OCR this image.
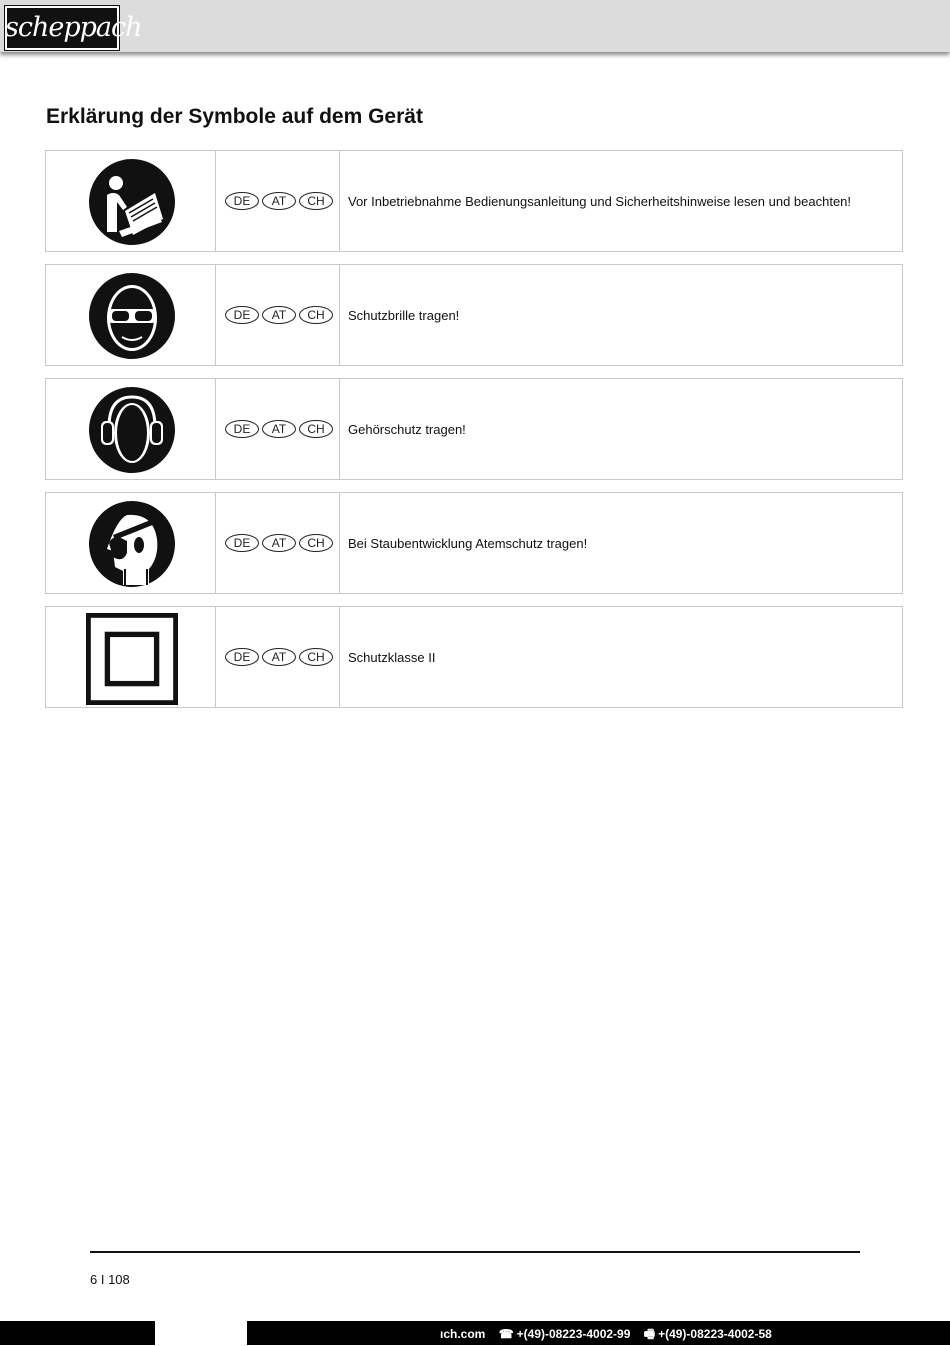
scheppach
Erklärung der Symbole auf dem Gerät
DE	AT	CH	Vor Inbetriebnahme Bedienungsanleitung und Sicherheitshinweise lesen und beachten!
DE	AT	CH	Schutzbrille tragen!
DE	AT	CH	Gehörschutz tragen!
DE	AT	CH	Bei Staubentwicklung Atemschutz tragen!
DE	AT	CH	Schutzklasse II
6 I 108
ıch.com ☎ +(49)-08223-4002-99 🖷 +(49)-08223-4002-58
